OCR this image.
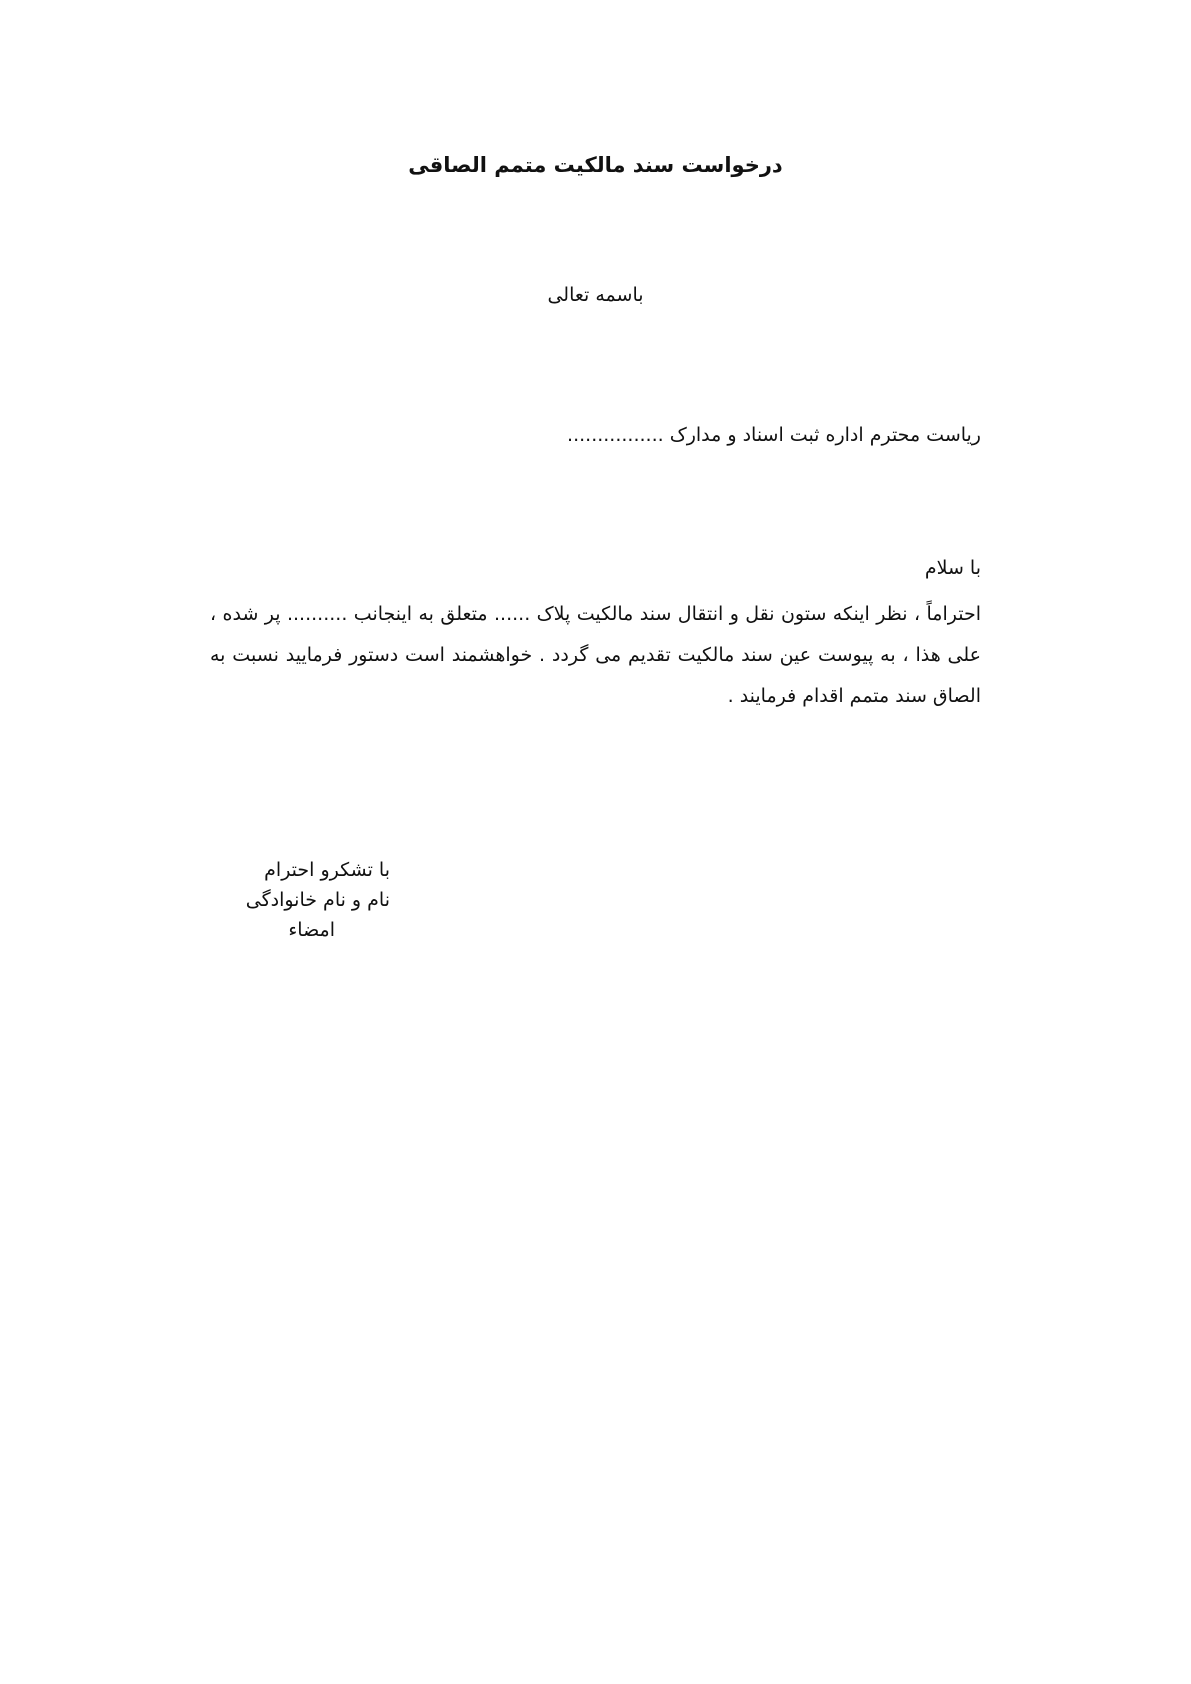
درخواست سند مالکیت متمم الصاقی
باسمه تعالی
ریاست محترم اداره ثبت اسناد و مدارک ................
با سلام
احتراماً ، نظر اینکه ستون نقل و انتقال سند مالکیت پلاک ...... متعلق به اینجانب .......... پر شده ، علی هذا ، به پیوست عین سند مالکیت تقدیم می گردد . خواهشمند است دستور فرمایید نسبت به الصاق سند متمم اقدام فرمایند .
با تشکرو احترام
نام و نام خانوادگی
امضاء
